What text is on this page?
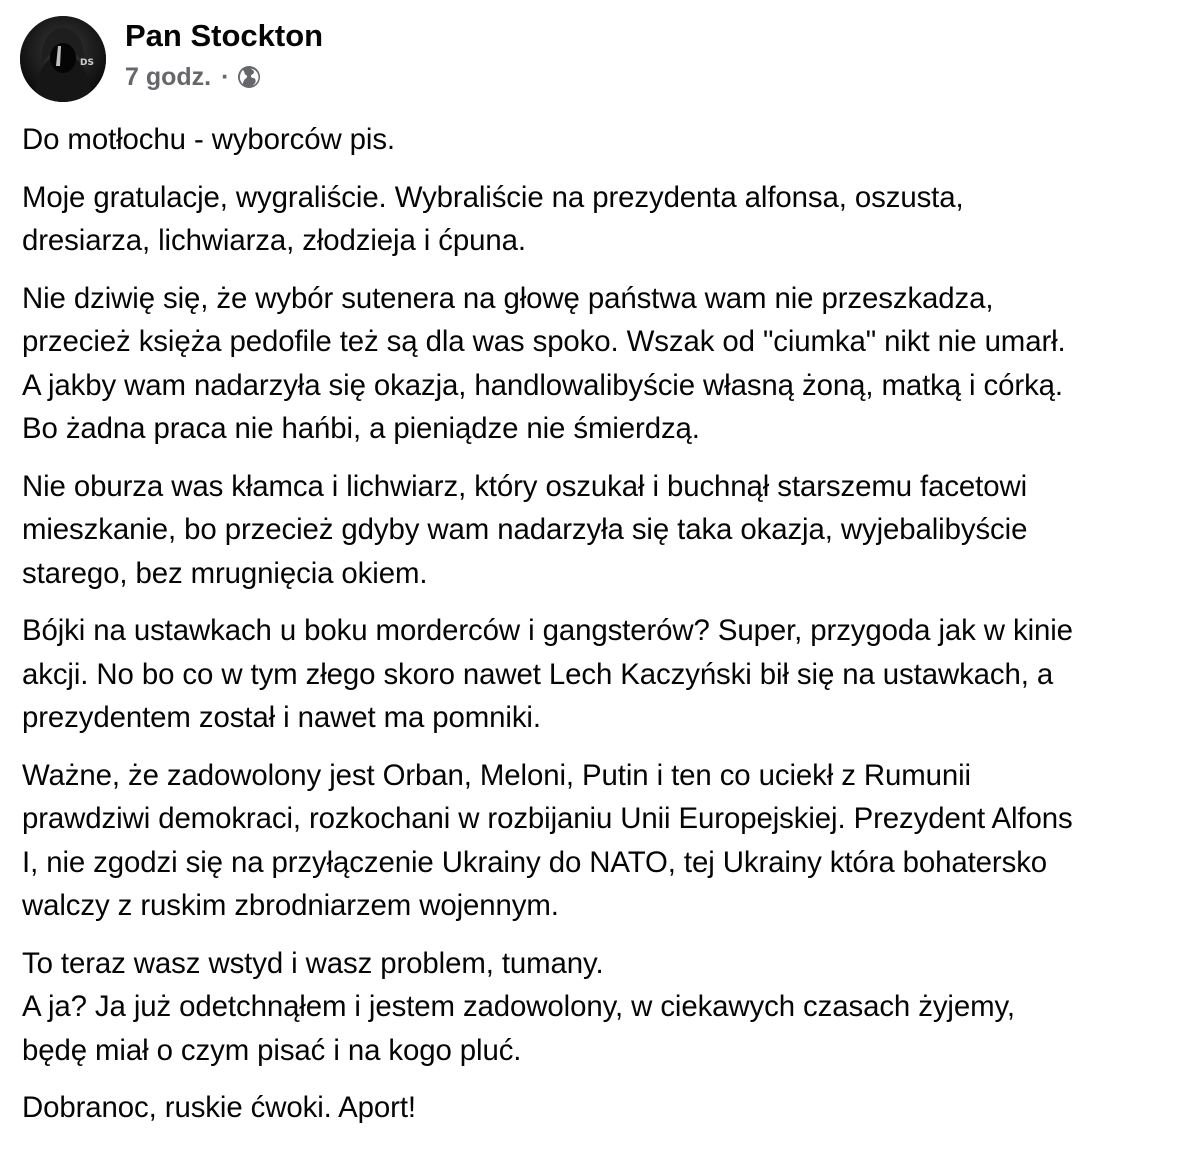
DS
Pan Stockton
7 godz. ·

Do motłochu - wyborców pis.

Moje gratulacje, wygraliście. Wybraliście na prezydenta alfonsa, oszusta,
dresiarza, lichwiarza, złodzieja i ćpuna.

Nie dziwię się, że wybór sutenera na głowę państwa wam nie przeszkadza,
przecież księża pedofile też są dla was spoko. Wszak od "ciumka" nikt nie umarł.
A jakby wam nadarzyła się okazja, handlowalibyście własną żoną, matką i córką.
Bo żadna praca nie hańbi, a pieniądze nie śmierdzą.

Nie oburza was kłamca i lichwiarz, który oszukał i buchnął starszemu facetowi
mieszkanie, bo przecież gdyby wam nadarzyła się taka okazja, wyjebalibyście
starego, bez mrugnięcia okiem.

Bójki na ustawkach u boku morderców i gangsterów? Super, przygoda jak w kinie
akcji. No bo co w tym złego skoro nawet Lech Kaczyński bił się na ustawkach, a
prezydentem został i nawet ma pomniki.

Ważne, że zadowolony jest Orban, Meloni, Putin i ten co uciekł z Rumunii
prawdziwi demokraci, rozkochani w rozbijaniu Unii Europejskiej. Prezydent Alfons
I, nie zgodzi się na przyłączenie Ukrainy do NATO, tej Ukrainy która bohatersko
walczy z ruskim zbrodniarzem wojennym.

To teraz wasz wstyd i wasz problem, tumany.
A ja? Ja już odetchnąłem i jestem zadowolony, w ciekawych czasach żyjemy,
będę miał o czym pisać i na kogo pluć.

Dobranoc, ruskie ćwoki. Aport!
